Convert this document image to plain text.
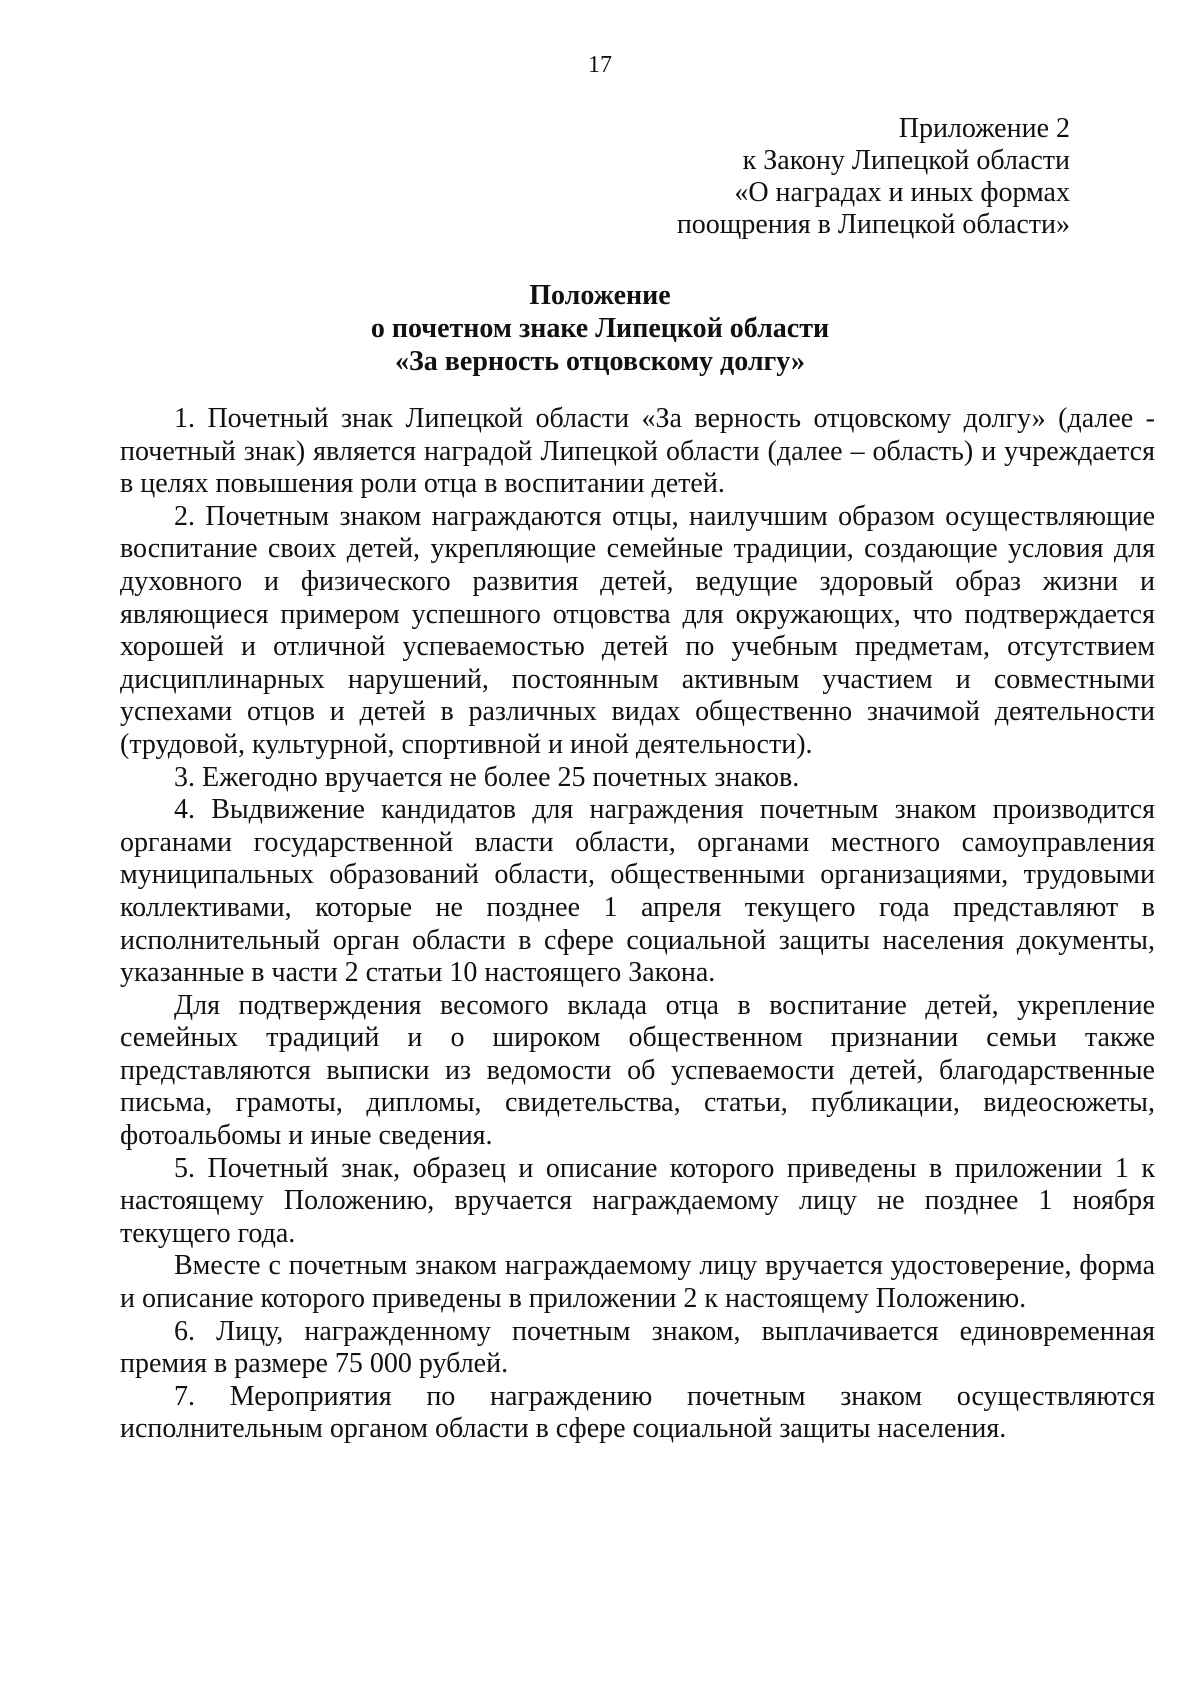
17
Приложение 2
к Закону Липецкой области
«О наградах и иных формах
поощрения в Липецкой области»
Положение
о почетном знаке Липецкой области
«За верность отцовскому долгу»

1. Почетный знак Липецкой области «За верность отцовскому долгу» (далее - почетный знак) является наградой Липецкой области (далее – область) и учреждается в целях повышения роли отца в воспитании детей.

2. Почетным знаком награждаются отцы, наилучшим образом осуществляющие воспитание своих детей, укрепляющие семейные традиции, создающие условия для духовного и физического развития детей, ведущие здоровый образ жизни и являющиеся примером успешного отцовства для окружающих, что подтверждается хорошей и отличной успеваемостью детей по учебным предметам, отсутствием дисциплинарных нарушений, постоянным активным участием и совместными успехами отцов и детей в различных видах общественно значимой деятельности (трудовой, культурной, спортивной и иной деятельности).

3. Ежегодно вручается не более 25 почетных знаков.

4. Выдвижение кандидатов для награждения почетным знаком производится органами государственной власти области, органами местного самоуправления муниципальных образований области, общественными организациями, трудовыми коллективами, которые не позднее 1 апреля текущего года представляют в исполнительный орган области в сфере социальной защиты населения документы, указанные в части 2 статьи 10 настоящего Закона.

Для подтверждения весомого вклада отца в воспитание детей, укрепление семейных традиций и о широком общественном признании семьи также представляются выписки из ведомости об успеваемости детей, благодарственные письма, грамоты, дипломы, свидетельства, статьи, публикации, видеосюжеты, фотоальбомы и иные сведения.

5. Почетный знак, образец и описание которого приведены в приложении 1 к настоящему Положению, вручается награждаемому лицу не позднее 1 ноября текущего года.

Вместе с почетным знаком награждаемому лицу вручается удостоверение, форма и описание которого приведены в приложении 2 к настоящему Положению.

6. Лицу, награжденному почетным знаком, выплачивается единовременная премия в размере 75 000 рублей.

7. Мероприятия по награждению почетным знаком осуществляются исполнительным органом области в сфере социальной защиты населения.
